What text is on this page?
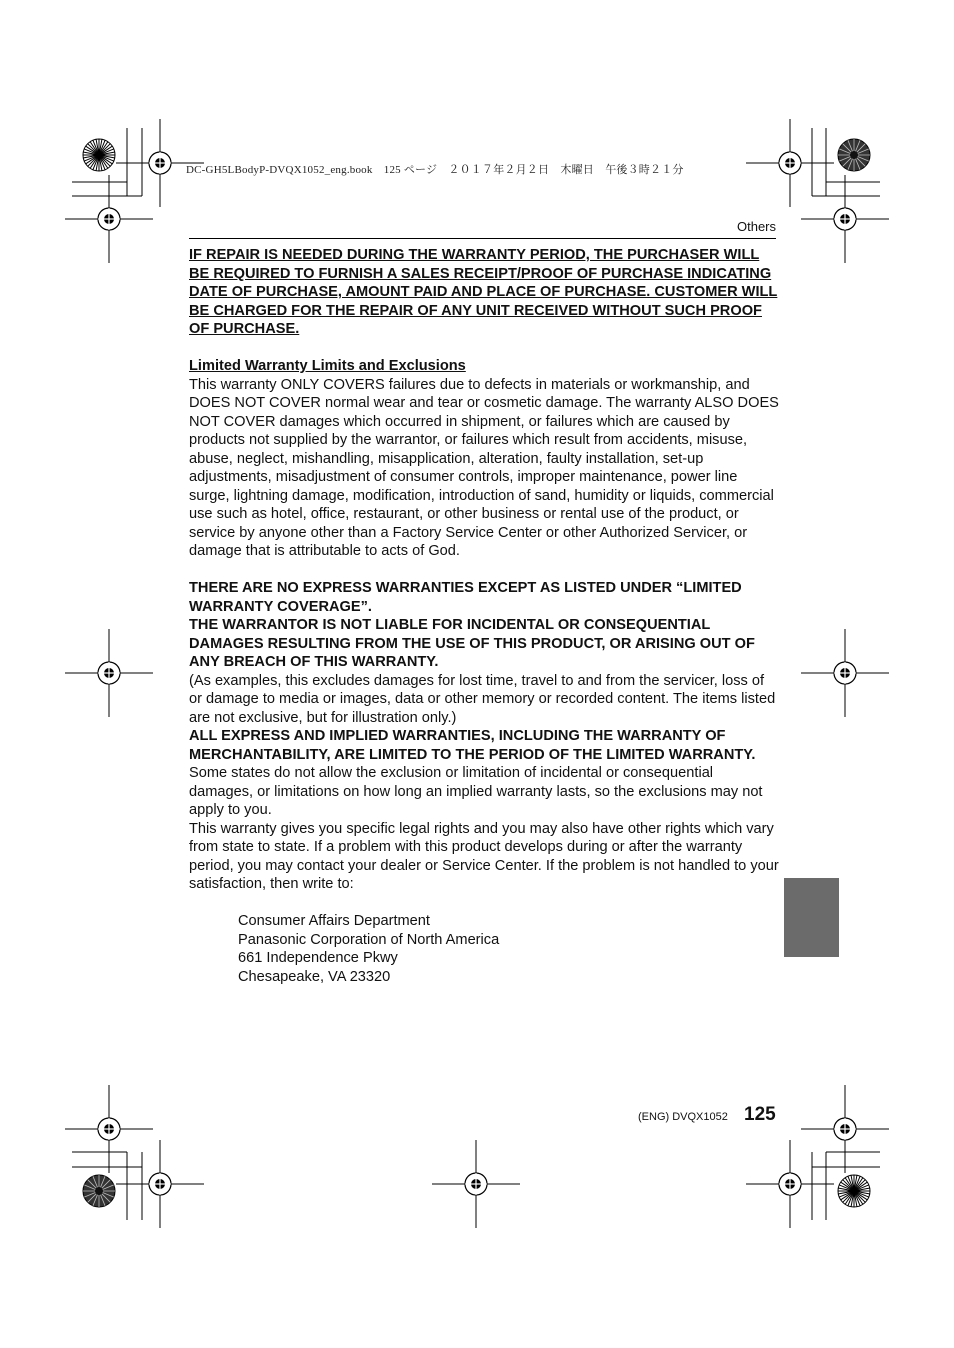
DC-GH5LBodyP-DVQX1052_eng.book　125 ページ　２０１７年２月２日　木曜日　午後３時２１分
Others

IF REPAIR IS NEEDED DURING THE WARRANTY PERIOD, THE PURCHASER WILL BE REQUIRED TO FURNISH A SALES RECEIPT/PROOF OF PURCHASE INDICATING DATE OF PURCHASE, AMOUNT PAID AND PLACE OF PURCHASE. CUSTOMER WILL BE CHARGED FOR THE REPAIR OF ANY UNIT RECEIVED WITHOUT SUCH PROOF OF PURCHASE.

Limited Warranty Limits and Exclusions

This warranty ONLY COVERS failures due to defects in materials or workmanship, and DOES NOT COVER normal wear and tear or cosmetic damage. The warranty ALSO DOES NOT COVER damages which occurred in shipment, or failures which are caused by products not supplied by the warrantor, or failures which result from accidents, misuse, abuse, neglect, mishandling, misapplication, alteration, faulty installation, set-up adjustments, misadjustment of consumer controls, improper maintenance, power line surge, lightning damage, modification, introduction of sand, humidity or liquids, commercial use such as hotel, office, restaurant, or other business or rental use of the product, or service by anyone other than a Factory Service Center or other Authorized Servicer, or damage that is attributable to acts of God.

THERE ARE NO EXPRESS WARRANTIES EXCEPT AS LISTED UNDER “LIMITED WARRANTY COVERAGE”.

THE WARRANTOR IS NOT LIABLE FOR INCIDENTAL OR CONSEQUENTIAL DAMAGES RESULTING FROM THE USE OF THIS PRODUCT, OR ARISING OUT OF ANY BREACH OF THIS WARRANTY.

(As examples, this excludes damages for lost time, travel to and from the servicer, loss of or damage to media or images, data or other memory or recorded content. The items listed are not exclusive, but for illustration only.)

ALL EXPRESS AND IMPLIED WARRANTIES, INCLUDING THE WARRANTY OF MERCHANTABILITY, ARE LIMITED TO THE PERIOD OF THE LIMITED WARRANTY.

Some states do not allow the exclusion or limitation of incidental or consequential damages, or limitations on how long an implied warranty lasts, so the exclusions may not apply to you.

This warranty gives you specific legal rights and you may also have other rights which vary from state to state. If a problem with this product develops during or after the warranty period, you may contact your dealer or Service Center. If the problem is not handled to your satisfaction, then write to:

Consumer Affairs Department

Panasonic Corporation of North America

661 Independence Pkwy

Chesapeake, VA 23320

(ENG) DVQX1052 125
